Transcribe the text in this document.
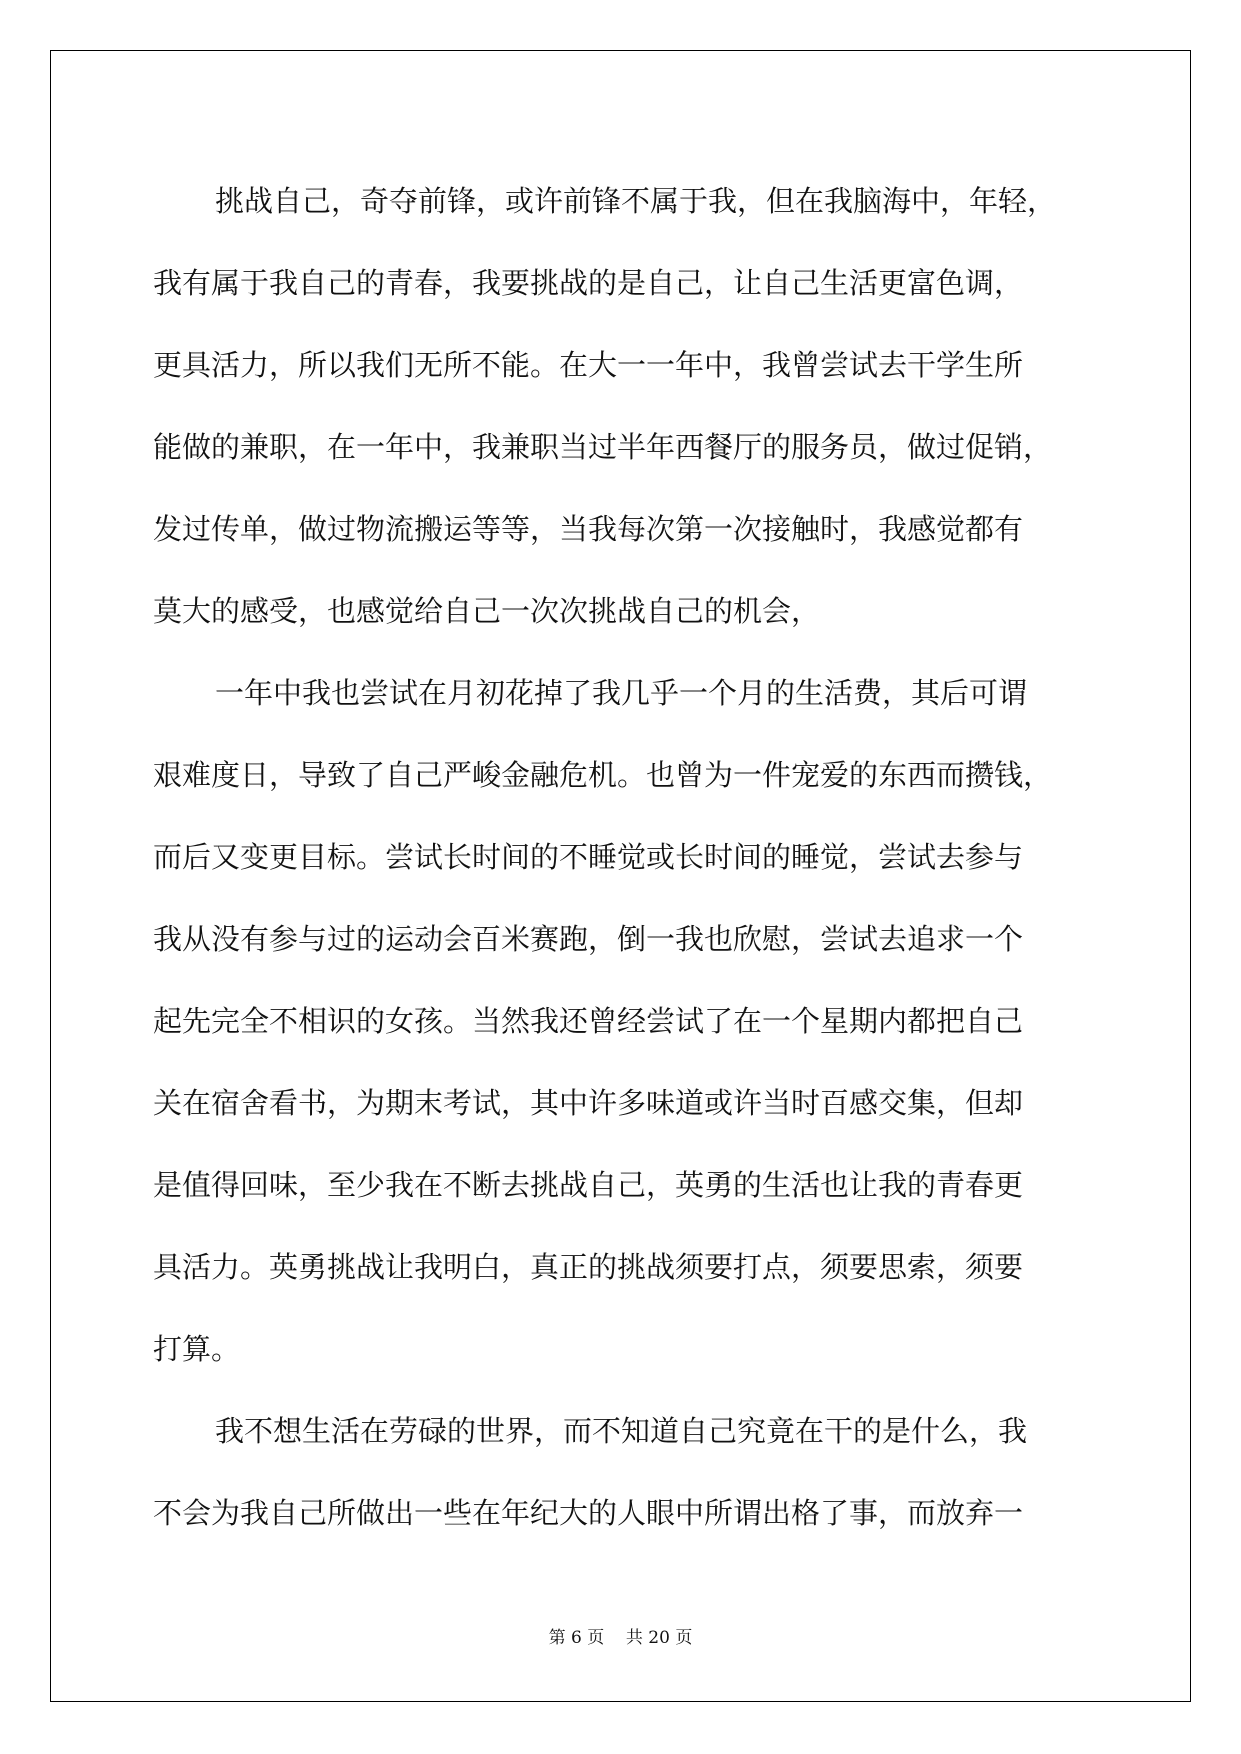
挑战自己，奇夺前锋，或许前锋不属于我，但在我脑海中，年轻，
我有属于我自己的青春，我要挑战的是自己，让自己生活更富色调，
更具活力，所以我们无所不能。在大一一年中，我曾尝试去干学生所
能做的兼职，在一年中，我兼职当过半年西餐厅的服务员，做过促销，
发过传单，做过物流搬运等等，当我每次第一次接触时，我感觉都有
莫大的感受，也感觉给自己一次次挑战自己的机会，

一年中我也尝试在月初花掉了我几乎一个月的生活费，其后可谓
艰难度日，导致了自己严峻金融危机。也曾为一件宠爱的东西而攒钱，
而后又变更目标。尝试长时间的不睡觉或长时间的睡觉，尝试去参与
我从没有参与过的运动会百米赛跑，倒一我也欣慰，尝试去追求一个
起先完全不相识的女孩。当然我还曾经尝试了在一个星期内都把自己
关在宿舍看书，为期末考试，其中许多味道或许当时百感交集，但却
是值得回味，至少我在不断去挑战自己，英勇的生活也让我的青春更
具活力。英勇挑战让我明白，真正的挑战须要打点，须要思索，须要
打算。

我不想生活在劳碌的世界，而不知道自己究竟在干的是什么，我
不会为我自己所做出一些在年纪大的人眼中所谓出格了事，而放弃一

第 6 页    共 20 页
